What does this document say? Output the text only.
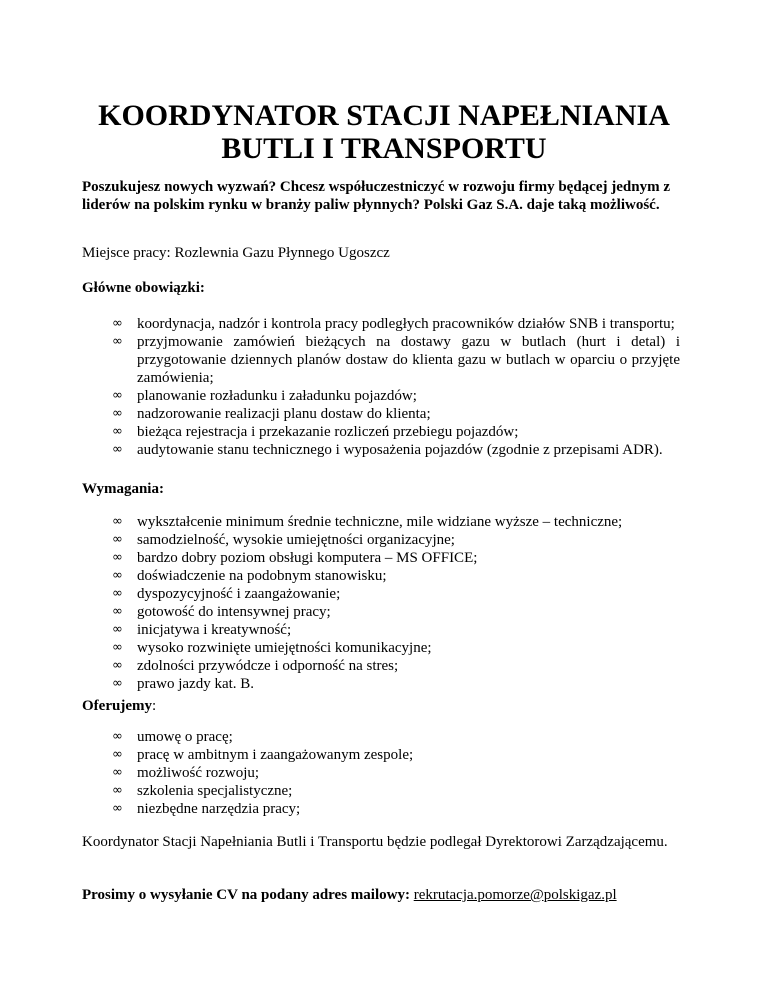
KOORDYNATOR STACJI NAPEŁNIANIA
BUTLI I TRANSPORTU

Poszukujesz nowych wyzwań? Chcesz współuczestniczyć w rozwoju firmy będącej jednym z liderów na polskim rynku w branży paliw płynnych? Polski Gaz S.A. daje taką możliwość.

Miejsce pracy: Rozlewnia Gazu Płynnego Ugoszcz

Główne obowiązki:

∞ koordynacja, nadzór i kontrola pracy podległych pracowników działów SNB i transportu;
∞ przyjmowanie zamówień bieżących na dostawy gazu w butlach (hurt i detal) i przygotowanie dziennych planów dostaw do klienta gazu w butlach w oparciu o przyjęte zamówienia;
∞ planowanie rozładunku i załadunku pojazdów;
∞ nadzorowanie realizacji planu dostaw do klienta;
∞ bieżąca rejestracja i przekazanie rozliczeń przebiegu pojazdów;
∞ audytowanie stanu technicznego i wyposażenia pojazdów (zgodnie z przepisami ADR).

Wymagania:

∞ wykształcenie minimum średnie techniczne, mile widziane wyższe – techniczne;
∞ samodzielność, wysokie umiejętności organizacyjne;
∞ bardzo dobry poziom obsługi komputera – MS OFFICE;
∞ doświadczenie na podobnym stanowisku;
∞ dyspozycyjność i zaangażowanie;
∞ gotowość do intensywnej pracy;
∞ inicjatywa i kreatywność;
∞ wysoko rozwinięte umiejętności komunikacyjne;
∞ zdolności przywódcze i odporność na stres;
∞ prawo jazdy kat. B.

Oferujemy:

∞ umowę o pracę;
∞ pracę w ambitnym i zaangażowanym zespole;
∞ możliwość rozwoju;
∞ szkolenia specjalistyczne;
∞ niezbędne narzędzia pracy;

Koordynator Stacji Napełniania Butli i Transportu będzie podlegał Dyrektorowi Zarządzającemu.

Prosimy o wysyłanie CV na podany adres mailowy: rekrutacja.pomorze@polskigaz.pl
